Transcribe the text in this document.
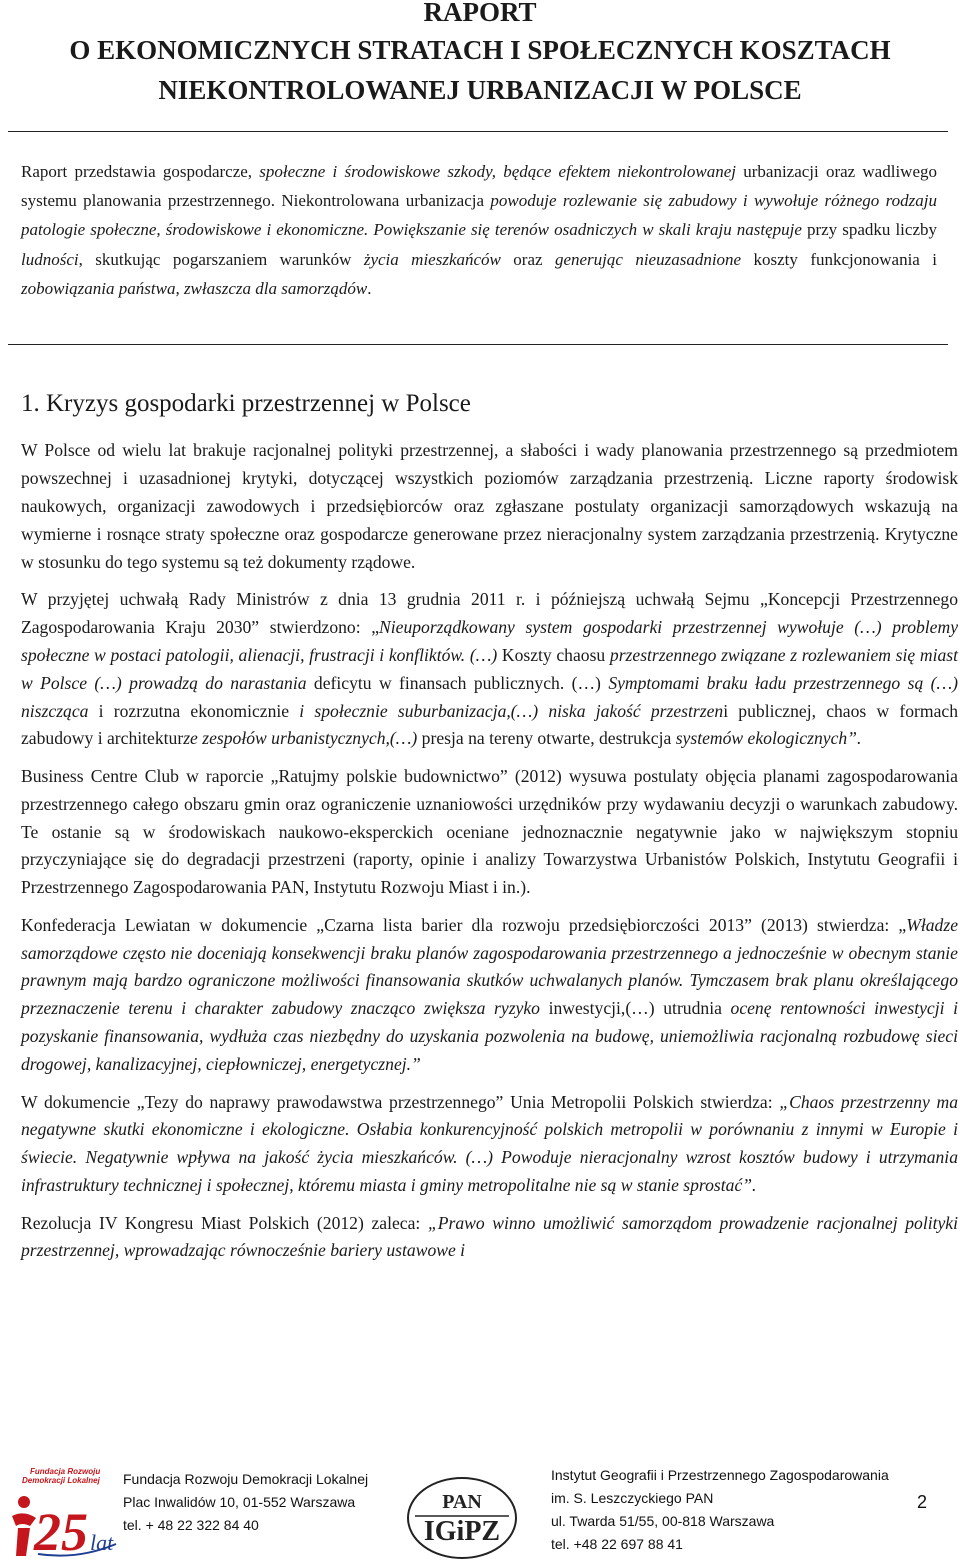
RAPORT
O EKONOMICZNYCH STRATACH I SPOŁECZNYCH KOSZTACH
NIEKONTROLOWANEJ URBANIZACJI W POLSCE

Raport przedstawia gospodarcze, społeczne i środowiskowe szkody, będące efektem niekontrolowanej urbanizacji oraz wadliwego systemu planowania przestrzennego. Niekontrolowana urbanizacja powoduje rozlewanie się zabudowy i wywołuje różnego rodzaju patologie społeczne, środowiskowe i ekonomiczne. Powiększanie się terenów osadniczych w skali kraju następuje przy spadku liczby ludności, skutkując pogarszaniem warunków życia mieszkańców oraz generując nieuzasadnione koszty funkcjonowania i zobowiązania państwa, zwłaszcza dla samorządów.

1. Kryzys gospodarki przestrzennej w Polsce

W Polsce od wielu lat brakuje racjonalnej polityki przestrzennej, a słabości i wady planowania przestrzennego są przedmiotem powszechnej i uzasadnionej krytyki, dotyczącej wszystkich poziomów zarządzania przestrzenią. Liczne raporty środowisk naukowych, organizacji zawodowych i przedsiębiorców oraz zgłaszane postulaty organizacji samorządowych wskazują na wymierne i rosnące straty społeczne oraz gospodarcze generowane przez nieracjonalny system zarządzania przestrzenią. Krytyczne w stosunku do tego systemu są też dokumenty rządowe.

W przyjętej uchwałą Rady Ministrów z dnia 13 grudnia 2011 r. i późniejszą uchwałą Sejmu „Koncepcji Przestrzennego Zagospodarowania Kraju 2030” stwierdzono: „Nieuporządkowany system gospodarki przestrzennej wywołuje (…) problemy społeczne w postaci patologii, alienacji, frustracji i konfliktów. (…) Koszty chaosu przestrzennego związane z rozlewaniem się miast w Polsce (…) prowadzą do narastania deficytu w finansach publicznych. (…) Symptomami braku ładu przestrzennego są (…) niszcząca i rozrzutna ekonomicznie i społecznie suburbanizacja,(…) niska jakość przestrzeni publicznej, chaos w formach zabudowy i architekturze zespołów urbanistycznych,(…) presja na tereny otwarte, destrukcja systemów ekologicznych”.

Business Centre Club w raporcie „Ratujmy polskie budownictwo” (2012) wysuwa postulaty objęcia planami zagospodarowania przestrzennego całego obszaru gmin oraz ograniczenie uznaniowości urzędników przy wydawaniu decyzji o warunkach zabudowy. Te ostanie są w środowiskach naukowo-eksperckich oceniane jednoznacznie negatywnie jako w największym stopniu przyczyniające się do degradacji przestrzeni (raporty, opinie i analizy Towarzystwa Urbanistów Polskich, Instytutu Geografii i Przestrzennego Zagospodarowania PAN, Instytutu Rozwoju Miast i in.).

Konfederacja Lewiatan w dokumencie „Czarna lista barier dla rozwoju przedsiębiorczości 2013” (2013) stwierdza: „Władze samorządowe często nie doceniają konsekwencji braku planów zagospodarowania przestrzennego a jednocześnie w obecnym stanie prawnym mają bardzo ograniczone możliwości finansowania skutków uchwalanych planów. Tymczasem brak planu określającego przeznaczenie terenu i charakter zabudowy znacząco zwiększa ryzyko inwestycji,(…) utrudnia ocenę rentowności inwestycji i pozyskanie finansowania, wydłuża czas niezbędny do uzyskania pozwolenia na budowę, uniemożliwia racjonalną rozbudowę sieci drogowej, kanalizacyjnej, ciepłowniczej, energetycznej.”

W dokumencie „Tezy do naprawy prawodawstwa przestrzennego” Unia Metropolii Polskich stwierdza: „Chaos przestrzenny ma negatywne skutki ekonomiczne i ekologiczne. Osłabia konkurencyjność polskich metropolii w porównaniu z innymi w Europie i świecie. Negatywnie wpływa na jakość życia mieszkańców. (…) Powoduje nieracjonalny wzrost kosztów budowy i utrzymania infrastruktury technicznej i społecznej, któremu miasta i gminy metropolitalne nie są w stanie sprostać”.

Rezolucja IV Kongresu Miast Polskich (2012) zaleca: „Prawo winno umożliwić samorządom prowadzenie racjonalnej polityki przestrzennej, wprowadzając równocześnie bariery ustawowe i

Fundacja Rozwoju
Demokracji Lokalnej
25 lat
Fundacja Rozwoju Demokracji Lokalnej
Plac Inwalidów 10, 01-552 Warszawa
tel. + 48 22 322 84 40
PAN
IGiPZ
Instytut Geografii i Przestrzennego Zagospodarowania
im. S. Leszczyckiego PAN
ul. Twarda 51/55, 00-818 Warszawa
tel. +48 22 697 88 41
2
